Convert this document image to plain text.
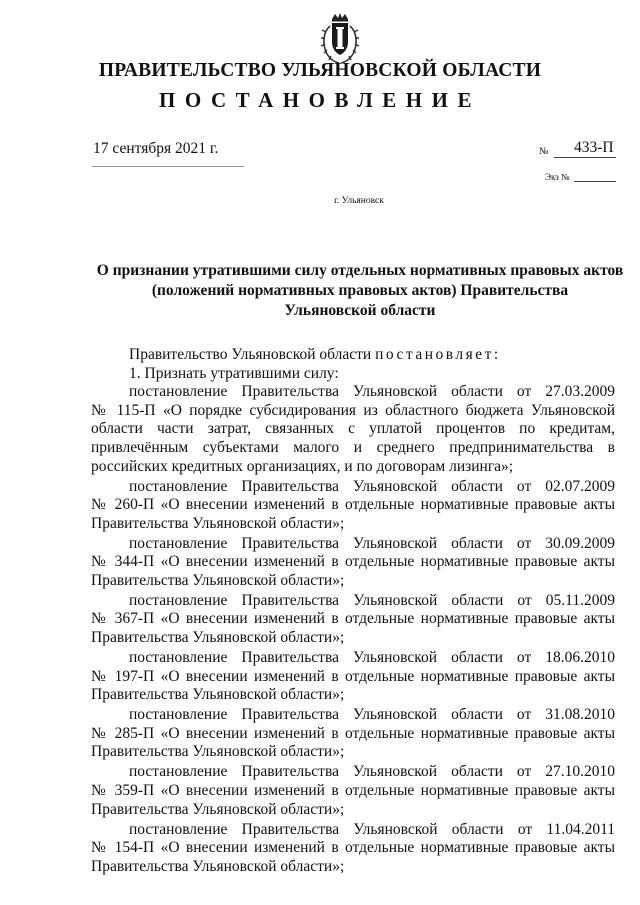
ПРАВИТЕЛЬСТВО УЛЬЯНОВСКОЙ ОБЛАСТИ
ПОСТАНОВЛЕНИЕ
17 сентября 2021 г.	№ 433-П
Экз №
г. Ульяновск
О признании утратившими силу отдельных нормативных правовых актов
(положений нормативных правовых актов) Правительства
Ульяновской области

Правительство Ульяновской области постановляет:

1. Признать утратившими силу:

постановление Правительства Ульяновской области от 27.03.2009
№ 115-П «О порядке субсидирования из областного бюджета Ульяновской области части затрат, связанных с уплатой процентов по кредитам, привлечённым субъектами малого и среднего предпринимательства в российских кредитных организациях, и по договорам лизинга»;
постановление Правительства Ульяновской области от 02.07.2009
№ 260-П «О внесении изменений в отдельные нормативные правовые акты Правительства Ульяновской области»;
постановление Правительства Ульяновской области от 30.09.2009
№ 344-П «О внесении изменений в отдельные нормативные правовые акты Правительства Ульяновской области»;
постановление Правительства Ульяновской области от 05.11.2009
№ 367-П «О внесении изменений в отдельные нормативные правовые акты Правительства Ульяновской области»;
постановление Правительства Ульяновской области от 18.06.2010
№ 197-П «О внесении изменений в отдельные нормативные правовые акты Правительства Ульяновской области»;
постановление Правительства Ульяновской области от 31.08.2010
№ 285-П «О внесении изменений в отдельные нормативные правовые акты Правительства Ульяновской области»;
постановление Правительства Ульяновской области от 27.10.2010
№ 359-П «О внесении изменений в отдельные нормативные правовые акты Правительства Ульяновской области»;
постановление Правительства Ульяновской области от 11.04.2011
№ 154-П «О внесении изменений в отдельные нормативные правовые акты Правительства Ульяновской области»;
